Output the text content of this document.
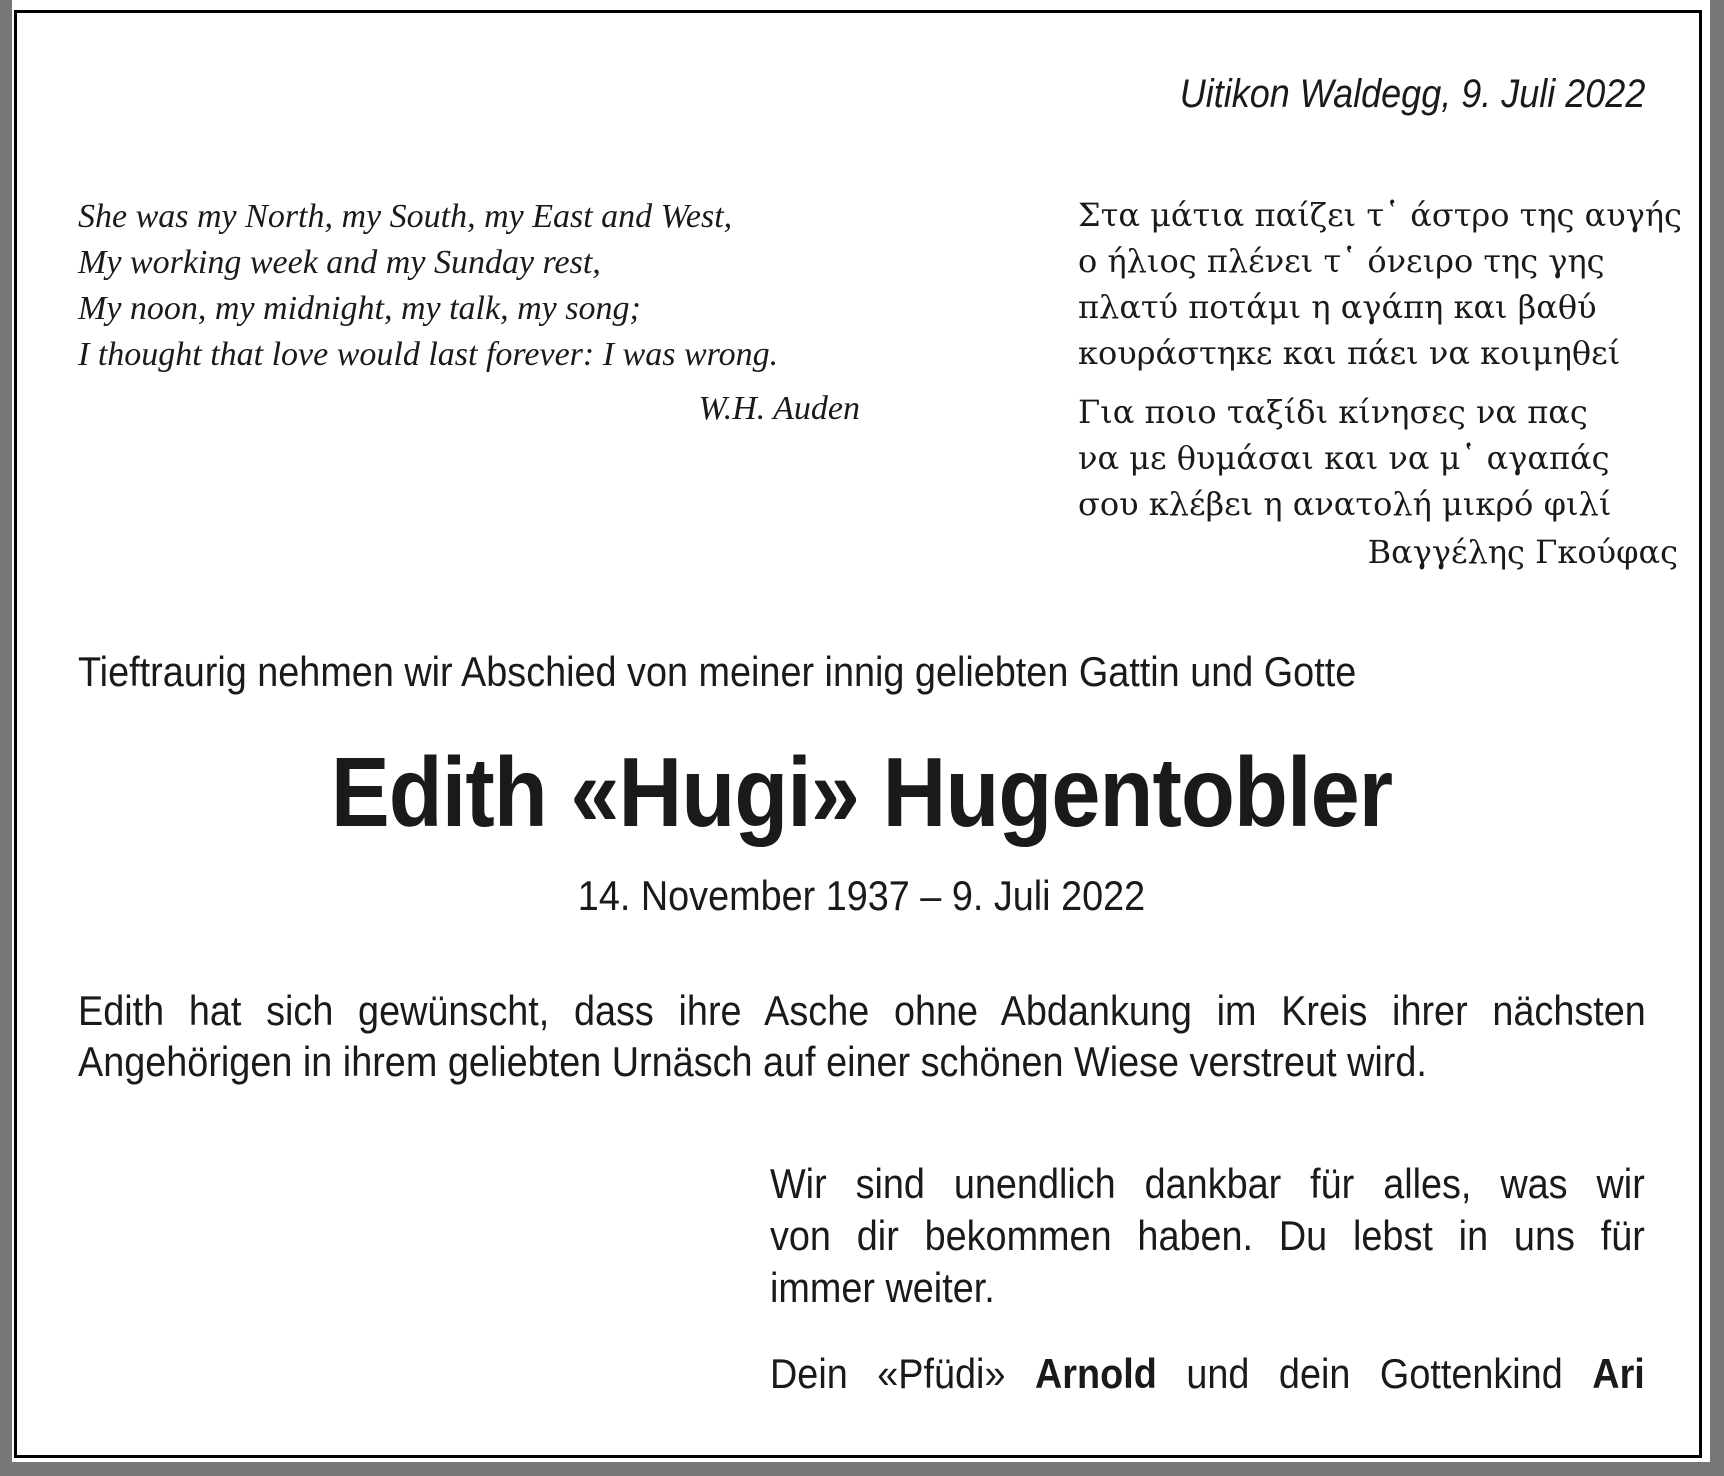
Uitikon Waldegg, 9. Juli 2022
She was my North, my South, my East and West,
My working week and my Sunday rest,
My noon, my midnight, my talk, my song;
I thought that love would last forever: I was wrong.
W.H. Auden
Στα μάτια παίζει τ῾ άστρο της αυγής
ο ήλιος πλένει τ῾ όνειρο της γης
πλατύ ποτάμι η αγάπη και βαθύ
κουράστηκε και πάει να κοιμηθεί
Για ποιο ταξίδι κίνησες να πας
να με θυμάσαι και να μ῾ αγαπάς
σου κλέβει η ανατολή μικρό φιλί
Βαγγέλης Γκούφας
Tieftraurig nehmen wir Abschied von meiner innig geliebten Gattin und Gotte
Edith «Hugi» Hugentobler
14. November 1937 – 9. Juli 2022
Edith hat sich gewünscht, dass ihre Asche ohne Abdankung im Kreis ihrer nächsten
Angehörigen in ihrem geliebten Urnäsch auf einer schönen Wiese verstreut wird.
Wir sind unendlich dankbar für alles, was wir
von dir bekommen haben. Du lebst in uns für
immer weiter.
Dein «Pfüdi» Arnold und dein Gottenkind Ari
